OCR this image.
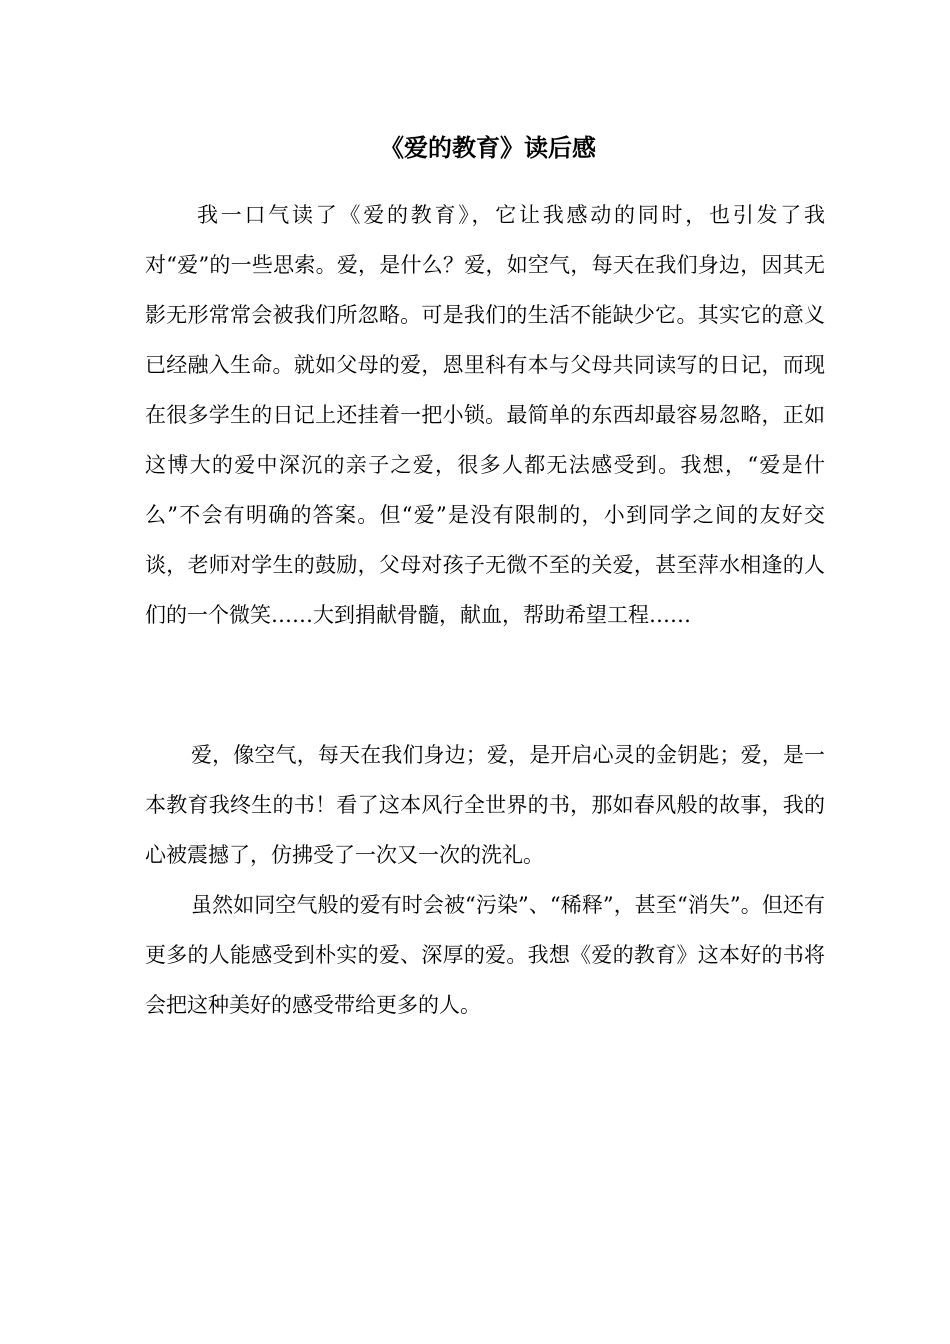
《爱的教育》读后感

我一口气读了《爱的教育》，它让我感动的同时，也引发了我对“爱”的一些思索。爱，是什么？爱，如空气，每天在我们身边，因其无影无形常常会被我们所忽略。可是我们的生活不能缺少它。其实它的意义已经融入生命。就如父母的爱，恩里科有本与父母共同读写的日记，而现在很多学生的日记上还挂着一把小锁。最简单的东西却最容易忽略，正如这博大的爱中深沉的亲子之爱，很多人都无法感受到。我想，“爱是什么”不会有明确的答案。但“爱”是没有限制的，小到同学之间的友好交谈，老师对学生的鼓励，父母对孩子无微不至的关爱，甚至萍水相逢的人们的一个微笑……大到捐献骨髓，献血，帮助希望工程……

爱，像空气，每天在我们身边；爱，是开启心灵的金钥匙；爱，是一本教育我终生的书！看了这本风行全世界的书，那如春风般的故事，我的心被震撼了，仿拂受了一次又一次的洗礼。

虽然如同空气般的爱有时会被“污染”、“稀释”，甚至“消失”。但还有更多的人能感受到朴实的爱、深厚的爱。我想《爱的教育》这本好的书将会把这种美好的感受带给更多的人。
